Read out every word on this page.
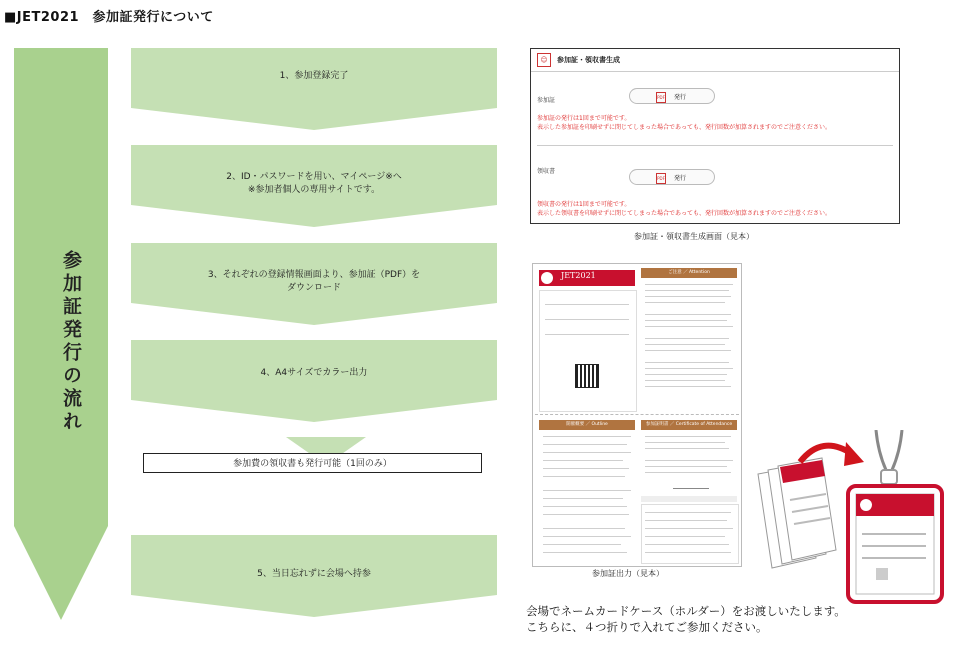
■JET2021　参加証発行について
参加証発行の流れ
1、参加登録完了
2、ID・パスワードを用い、マイページ※へ
※参加者個人の専用サイトです。
3、それぞれの登録情報画面より、参加証（PDF）を
ダウンロード
4、A4サイズでカラー出力
参加費の領収書も発行可能（1回のみ）
5、当日忘れずに会場へ持参
☺	参加証・領収書生成
参加証	PDF 発行
参加証の発行は1回まで可能です。
表示した参加証を印刷せずに閉じてしまった場合であっても、発行回数が加算されますのでご注意ください。
領収書
PDF 発行
領収書の発行は1回まで可能です。
表示した領収書を印刷せずに閉じてしまった場合であっても、発行回数が加算されますのでご注意ください。
参加証・領収書生成画面（見本）
JET2021	ご注意 ／ Attention
開催概要 ／ Outline	参加証明書 ／ Certificate of Attendance
参加証出力（見本）
会場でネームカードケース（ホルダー）をお渡しいたします。
こちらに、４つ折りで入れてご参加ください。
